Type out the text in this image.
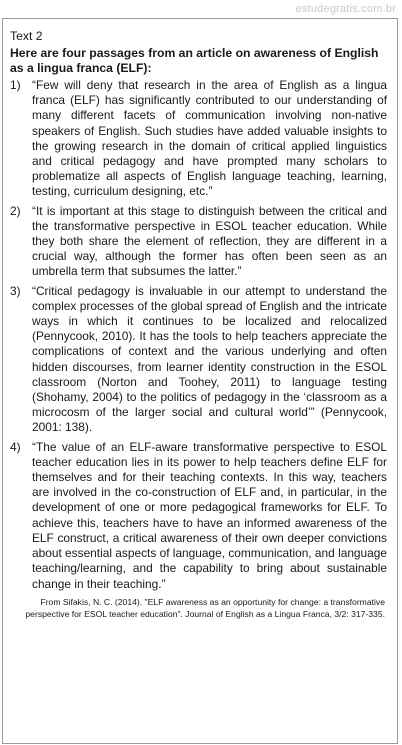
estudegratis.com.br
Text 2
Here are four passages from an article on awareness of English as a lingua franca (ELF):
1) “Few will deny that research in the area of English as a lingua franca (ELF) has significantly contributed to our understanding of many different facets of communication involving non-native speakers of English. Such studies have added valuable insights to the growing research in the domain of critical applied linguistics and critical pedagogy and have prompted many scholars to problematize all aspects of English language teaching, learning, testing, curriculum designing, etc.”
2) “It is important at this stage to distinguish between the critical and the transformative perspective in ESOL teacher education. While they both share the element of reflection, they are different in a crucial way, although the former has often been seen as an umbrella term that subsumes the latter.”
3) “Critical pedagogy is invaluable in our attempt to understand the complex processes of the global spread of English and the intricate ways in which it continues to be localized and relocalized (Pennycook, 2010). It has the tools to help teachers appreciate the complications of context and the various underlying and often hidden discourses, from learner identity construction in the ESOL classroom (Norton and Toohey, 2011) to language testing (Shohamy, 2004) to the politics of pedagogy in the ‘classroom as a microcosm of the larger social and cultural world’” (Pennycook, 2001: 138).
4) “The value of an ELF-aware transformative perspective to ESOL teacher education lies in its power to help teachers define ELF for themselves and for their teaching contexts. In this way, teachers are involved in the co-construction of ELF and, in particular, in the development of one or more pedagogical frameworks for ELF. To achieve this, teachers have to have an informed awareness of the ELF construct, a critical awareness of their own deeper convictions about essential aspects of language, communication, and language teaching/learning, and the capability to bring about sustainable change in their teaching.”
From Sifakis, N. C. (2014). "ELF awareness as an opportunity for change: a transformative perspective for ESOL teacher education". Journal of English as a Lingua Franca, 3/2: 317-335.
